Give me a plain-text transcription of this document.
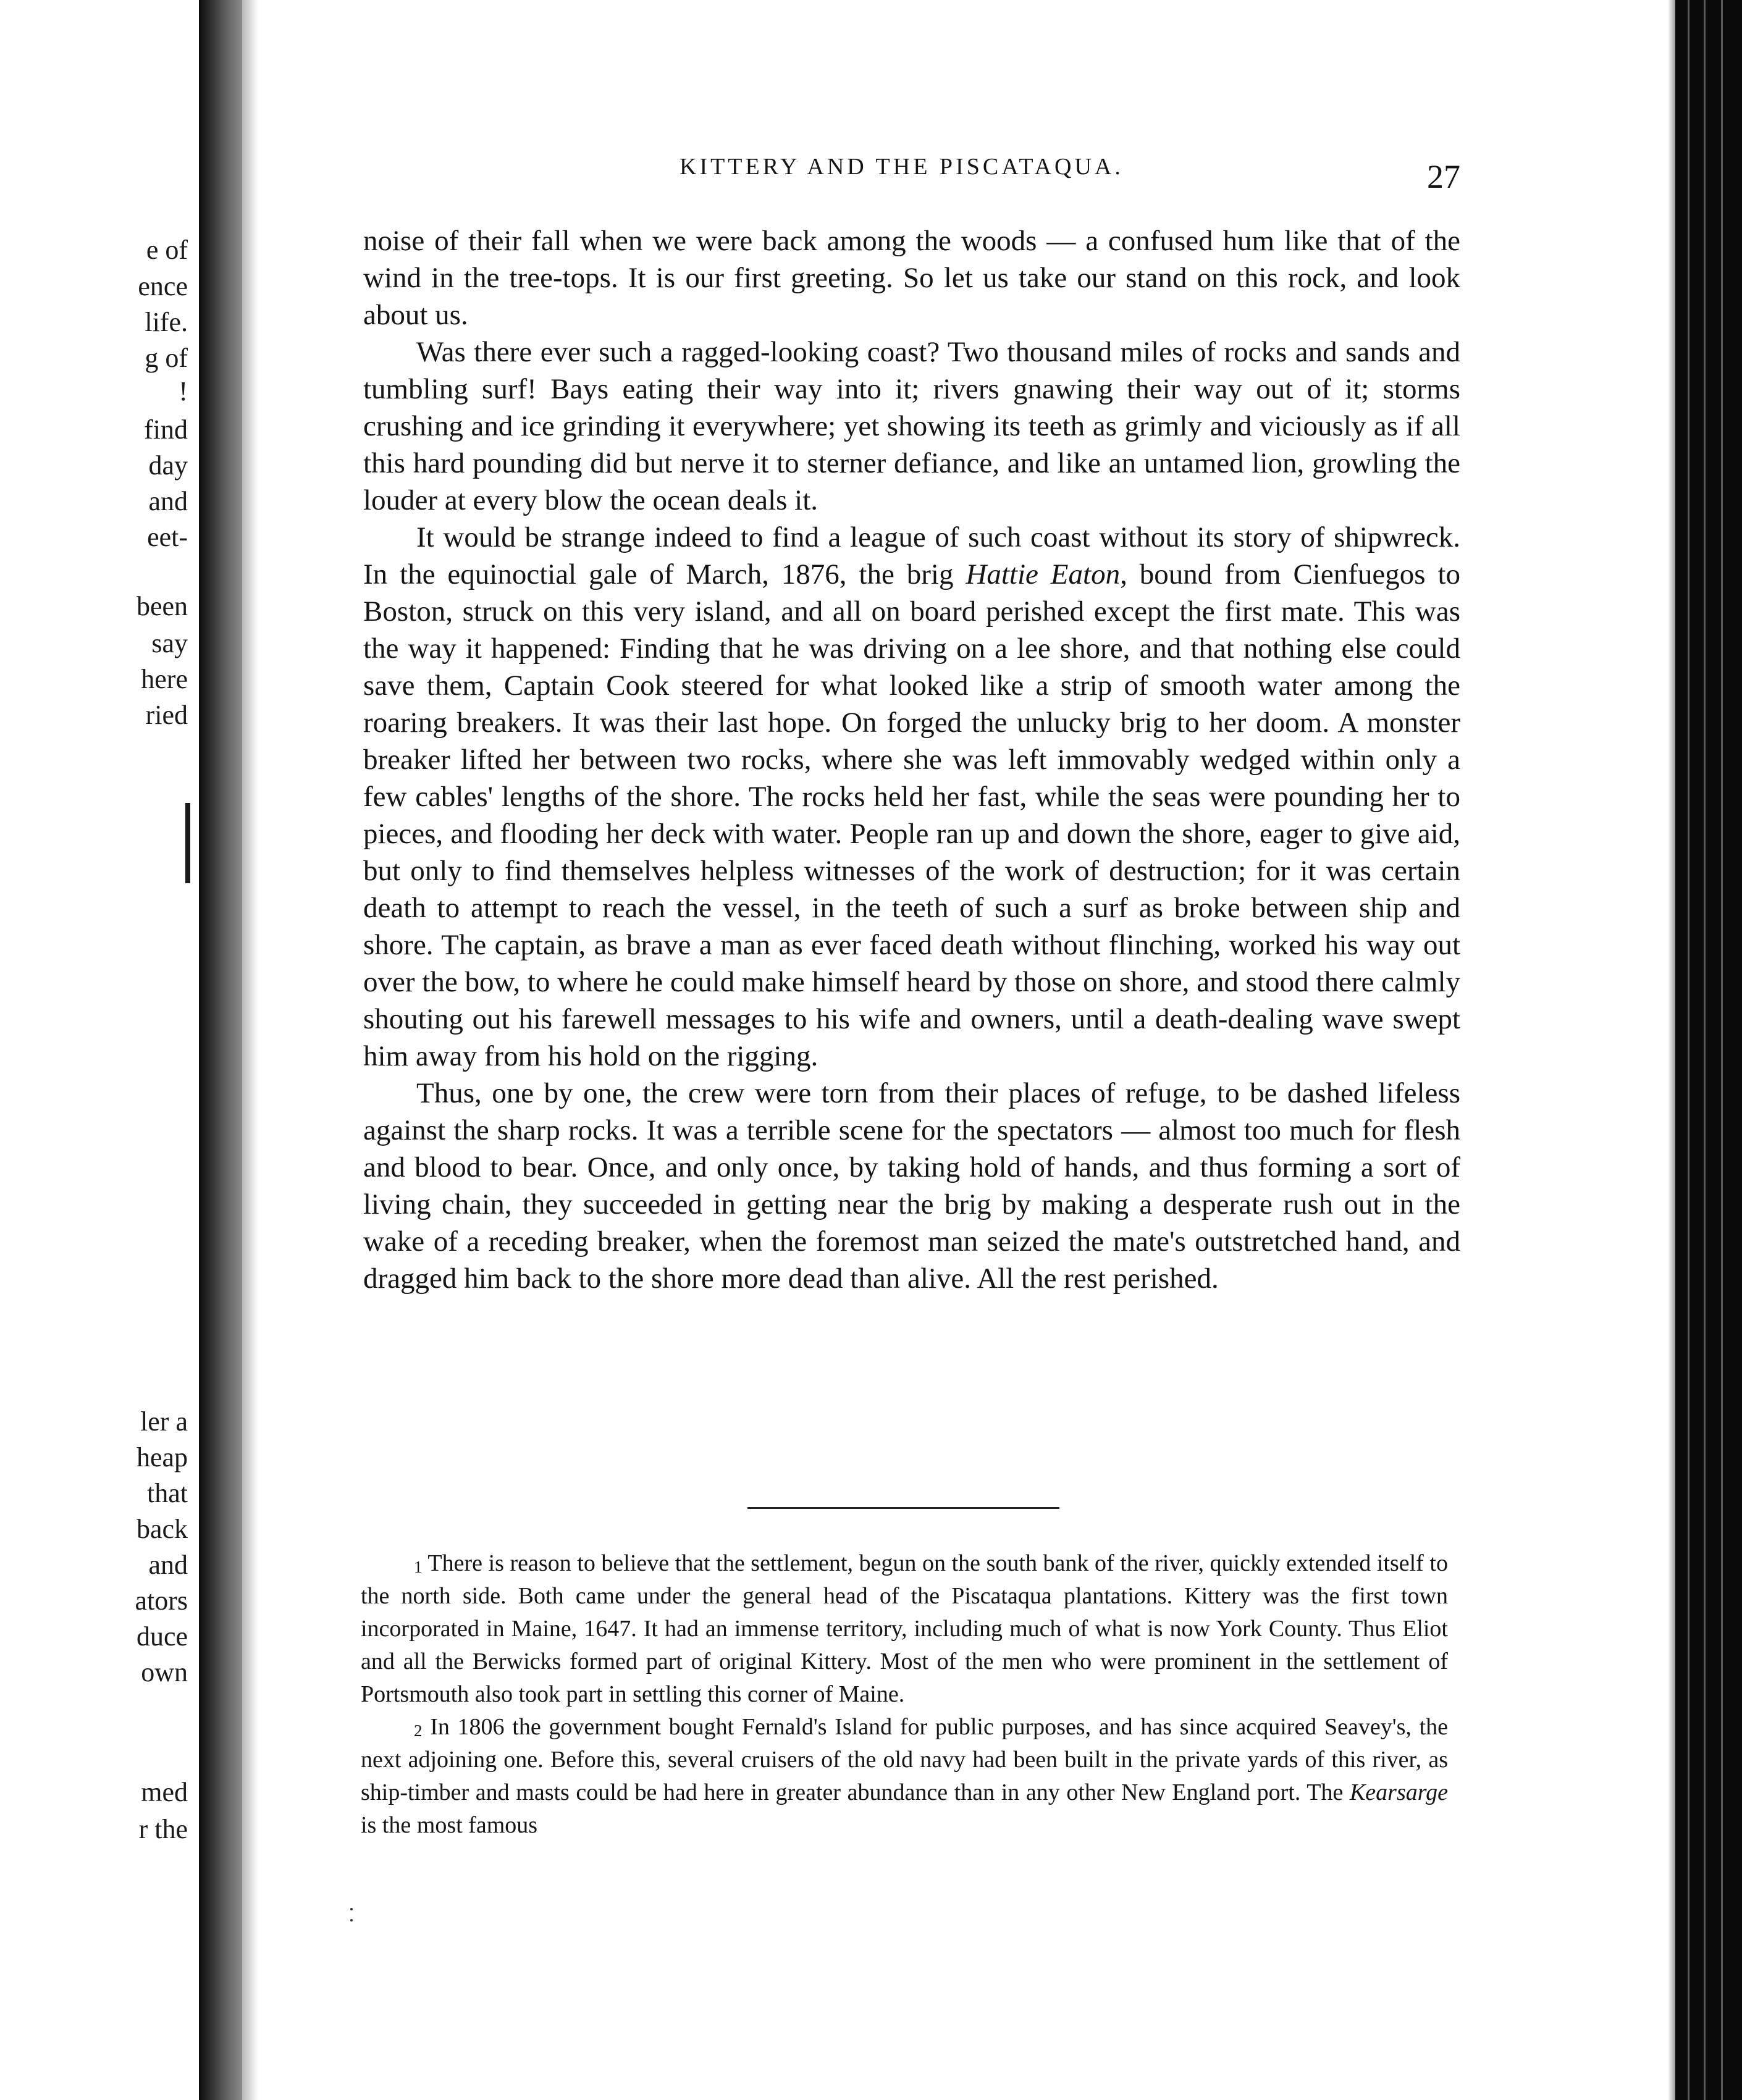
e of
ence
life.
g of
!
find
day
and
eet-
been
say
here
ried
ler a
heap
that
back
and
ators
duce
own
med
r the
KITTERY AND THE PISCATAQUA.	27

noise of their fall when we were back among the woods — a confused hum like that of the wind in the tree-tops. It is our first greeting. So let us take our stand on this rock, and look about us.

Was there ever such a ragged-looking coast? Two thousand miles of rocks and sands and tumbling surf! Bays eating their way into it; rivers gnawing their way out of it; storms crushing and ice grinding it everywhere; yet showing its teeth as grimly and viciously as if all this hard pounding did but nerve it to sterner defiance, and like an untamed lion, growling the louder at every blow the ocean deals it.

It would be strange indeed to find a league of such coast without its story of shipwreck. In the equinoctial gale of March, 1876, the brig Hattie Eaton, bound from Cienfuegos to Boston, struck on this very island, and all on board perished except the first mate. This was the way it happened: Finding that he was driving on a lee shore, and that nothing else could save them, Captain Cook steered for what looked like a strip of smooth water among the roaring breakers. It was their last hope. On forged the unlucky brig to her doom. A monster breaker lifted her between two rocks, where she was left immovably wedged within only a few cables' lengths of the shore. The rocks held her fast, while the seas were pounding her to pieces, and flooding her deck with water. People ran up and down the shore, eager to give aid, but only to find themselves helpless witnesses of the work of destruction; for it was certain death to attempt to reach the vessel, in the teeth of such a surf as broke between ship and shore. The captain, as brave a man as ever faced death without flinching, worked his way out over the bow, to where he could make himself heard by those on shore, and stood there calmly shouting out his farewell messages to his wife and owners, until a death-dealing wave swept him away from his hold on the rigging.

Thus, one by one, the crew were torn from their places of refuge, to be dashed lifeless against the sharp rocks. It was a terrible scene for the spectators — almost too much for flesh and blood to bear. Once, and only once, by taking hold of hands, and thus forming a sort of living chain, they succeeded in getting near the brig by making a desperate rush out in the wake of a receding breaker, when the foremost man seized the mate's outstretched hand, and dragged him back to the shore more dead than alive. All the rest perished.

$^1$ There is reason to believe that the settlement, begun on the south bank of the river, quickly extended itself to the north side. Both came under the general head of the Piscataqua plantations. Kittery was the first town incorporated in Maine, 1647. It had an immense territory, including much of what is now York County. Thus Eliot and all the Berwicks formed part of original Kittery. Most of the men who were prominent in the settlement of Portsmouth also took part in settling this corner of Maine.

$^2$ In 1806 the government bought Fernald's Island for public purposes, and has since acquired Seavey's, the next adjoining one. Before this, several cruisers of the old navy had been built in the private yards of this river, as ship-timber and masts could be had here in greater abundance than in any other New England port. The Kearsarge is the most famous
